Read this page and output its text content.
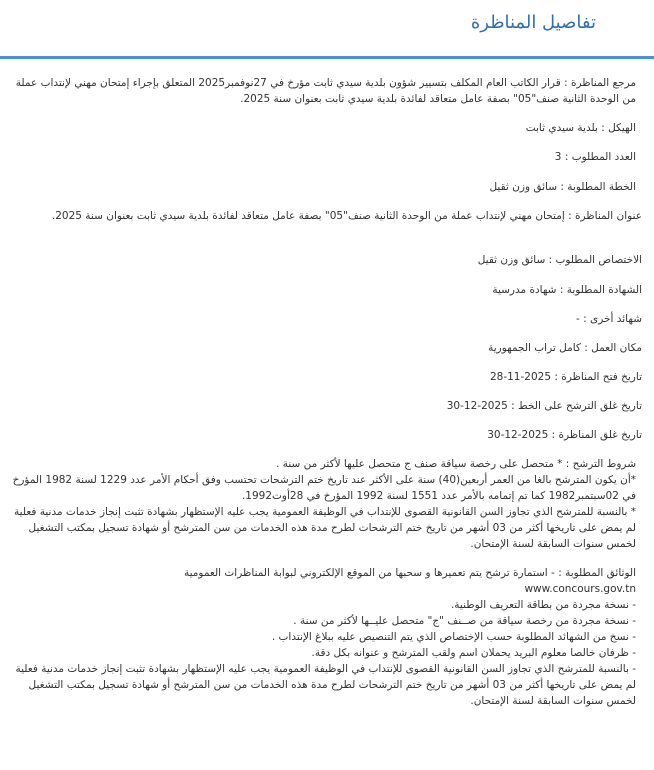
تفاصيل المناظرة

مرجع المناظرة : قرار الكاتب العام المكلف بتسيير شؤون بلدية سيدي ثابت مؤرخ في 27نوفمبر2025 المتعلق بإجراء إمتحان مهني لإنتداب عملة من الوحدة الثانية صنف"05" بصفة عامل متعاقد لفائدة بلدية سيدي ثابت بعنوان سنة 2025.

الهيكل : بلدية سيدي ثابت

العدد المطلوب : 3

الخطة المطلوبة : سائق وزن ثقيل

عنوان المناظرة : إمتحان مهني لإنتداب عملة من الوحدة الثانية صنف"05" بصفة عامل متعاقد لفائدة بلدية سيدي ثابت بعنوان سنة 2025.

الاختصاص المطلوب : سائق وزن ثقيل

الشهادة المطلوبة : شهادة مدرسية

شهائد أخرى : -

مكان العمل : كامل تراب الجمهورية

تاريخ فتح المناظرة : 2025-11-28

تاريخ غلق الترشح على الخط : 2025-12-30

تاريخ غلق المناظرة : 2025-12-30

شروط الترشح : * متحصل على رخصة سياقة صنف ج متحصل عليها لأكثر من سنة .
*أن يكون المترشح بالغا من العمر أربعين(40) سنة على الأكثر عند تاريخ ختم الترشحات تحتسب وفق أحكام الأمر عدد 1229 لسنة 1982 المؤرخ في 02سبتمبر1982 كما تم إتمامه بالأمر عدد 1551 لسنة 1992 المؤرخ في 28أوت1992.
* بالنسبة للمترشح الذي تجاوز السن القانونية القصوى للإنتداب في الوظيفة العمومية يجب عليه الإستظهار بشهادة تثبت إنجاز خدمات مدنية فعلية لم يمض على تاريخها أكثر من 03 أشهر من تاريخ ختم الترشحات لطرح مدة هذه الخدمات من سن المترشح أو شهادة تسجيل بمكتب التشغيل لخمس سنوات السابقة لسنة الإمتحان.
الوثائق المطلوبة : - استمارة ترشح يتم تعميرها و سحبها من الموقع الإلكتروني لبوابة المناظرات العمومية
www.concours.gov.tn
- نسخة مجردة من بطاقة التعريف الوطنية.
- نسخة مجردة من رخصة سياقة من صــنف "ج" متحصل عليــها لأكثر من سنة .
- نسخ من الشهائد المطلوبة حسب الإختصاص الذي يتم التنصيص عليه ببلاغ الإنتداب .
- ظرفان خالصا معلوم البريد يحملان اسم ولقب المترشح و عنوانه بكل دقة.
- بالنسبة للمترشح الذي تجاوز السن القانونية القصوى للإنتداب في الوظيفة العمومية يجب عليه الإستظهار بشهادة تثبت إنجاز خدمات مدنية فعلية لم يمض على تاريخها أكثر من 03 أشهر من تاريخ ختم الترشحات لطرح مدة هذه الخدمات من سن المترشح أو شهادة تسجيل بمكتب التشغيل لخمس سنوات السابقة لسنة الإمتحان.
